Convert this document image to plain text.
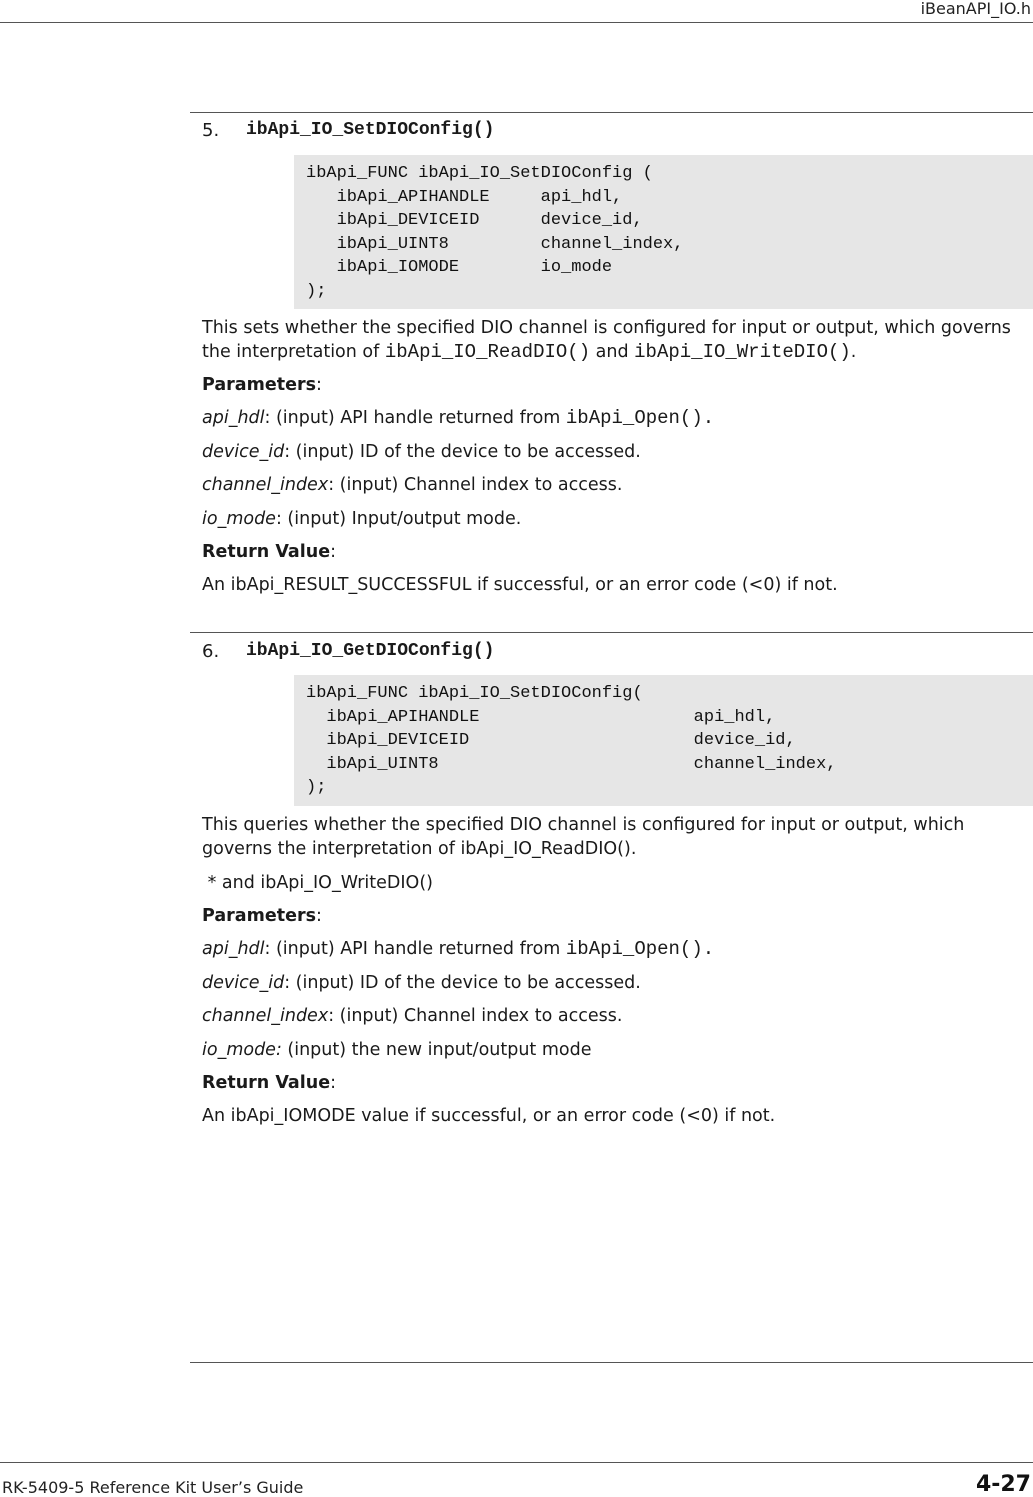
iBeanAPI_IO.h
5. ibApi_IO_SetDIOConfig()
ibApi_FUNC ibApi_IO_SetDIOConfig (
ibApi_APIHANDLE     api_hdl,
ibApi_DEVICEID      device_id,
ibApi_UINT8         channel_index,
ibApi_IOMODE        io_mode
);
This sets whether the specified DIO channel is configured for input or output, which governs the interpretation of ibApi_IO_ReadDIO() and ibApi_IO_WriteDIO().
Parameters:
api_hdl: (input) API handle returned from ibApi_Open().
device_id: (input) ID of the device to be accessed.
channel_index: (input) Channel index to access.
io_mode: (input) Input/output mode.
Return Value:
An ibApi_RESULT_SUCCESSFUL if successful, or an error code (<0) if not.
6. ibApi_IO_GetDIOConfig()
ibApi_FUNC ibApi_IO_SetDIOConfig(
ibApi_APIHANDLE                     api_hdl,
ibApi_DEVICEID                      device_id,
ibApi_UINT8                         channel_index,
);
This queries whether the specified DIO channel is configured for input or output, which governs the interpretation of ibApi_IO_ReadDIO().
* and ibApi_IO_WriteDIO()
Parameters:
api_hdl: (input) API handle returned from ibApi_Open().
device_id: (input) ID of the device to be accessed.
channel_index: (input) Channel index to access.
io_mode: (input) the new input/output mode
Return Value:
An ibApi_IOMODE value if successful, or an error code (<0) if not.
RK-5409-5 Reference Kit User’s Guide	4-27
